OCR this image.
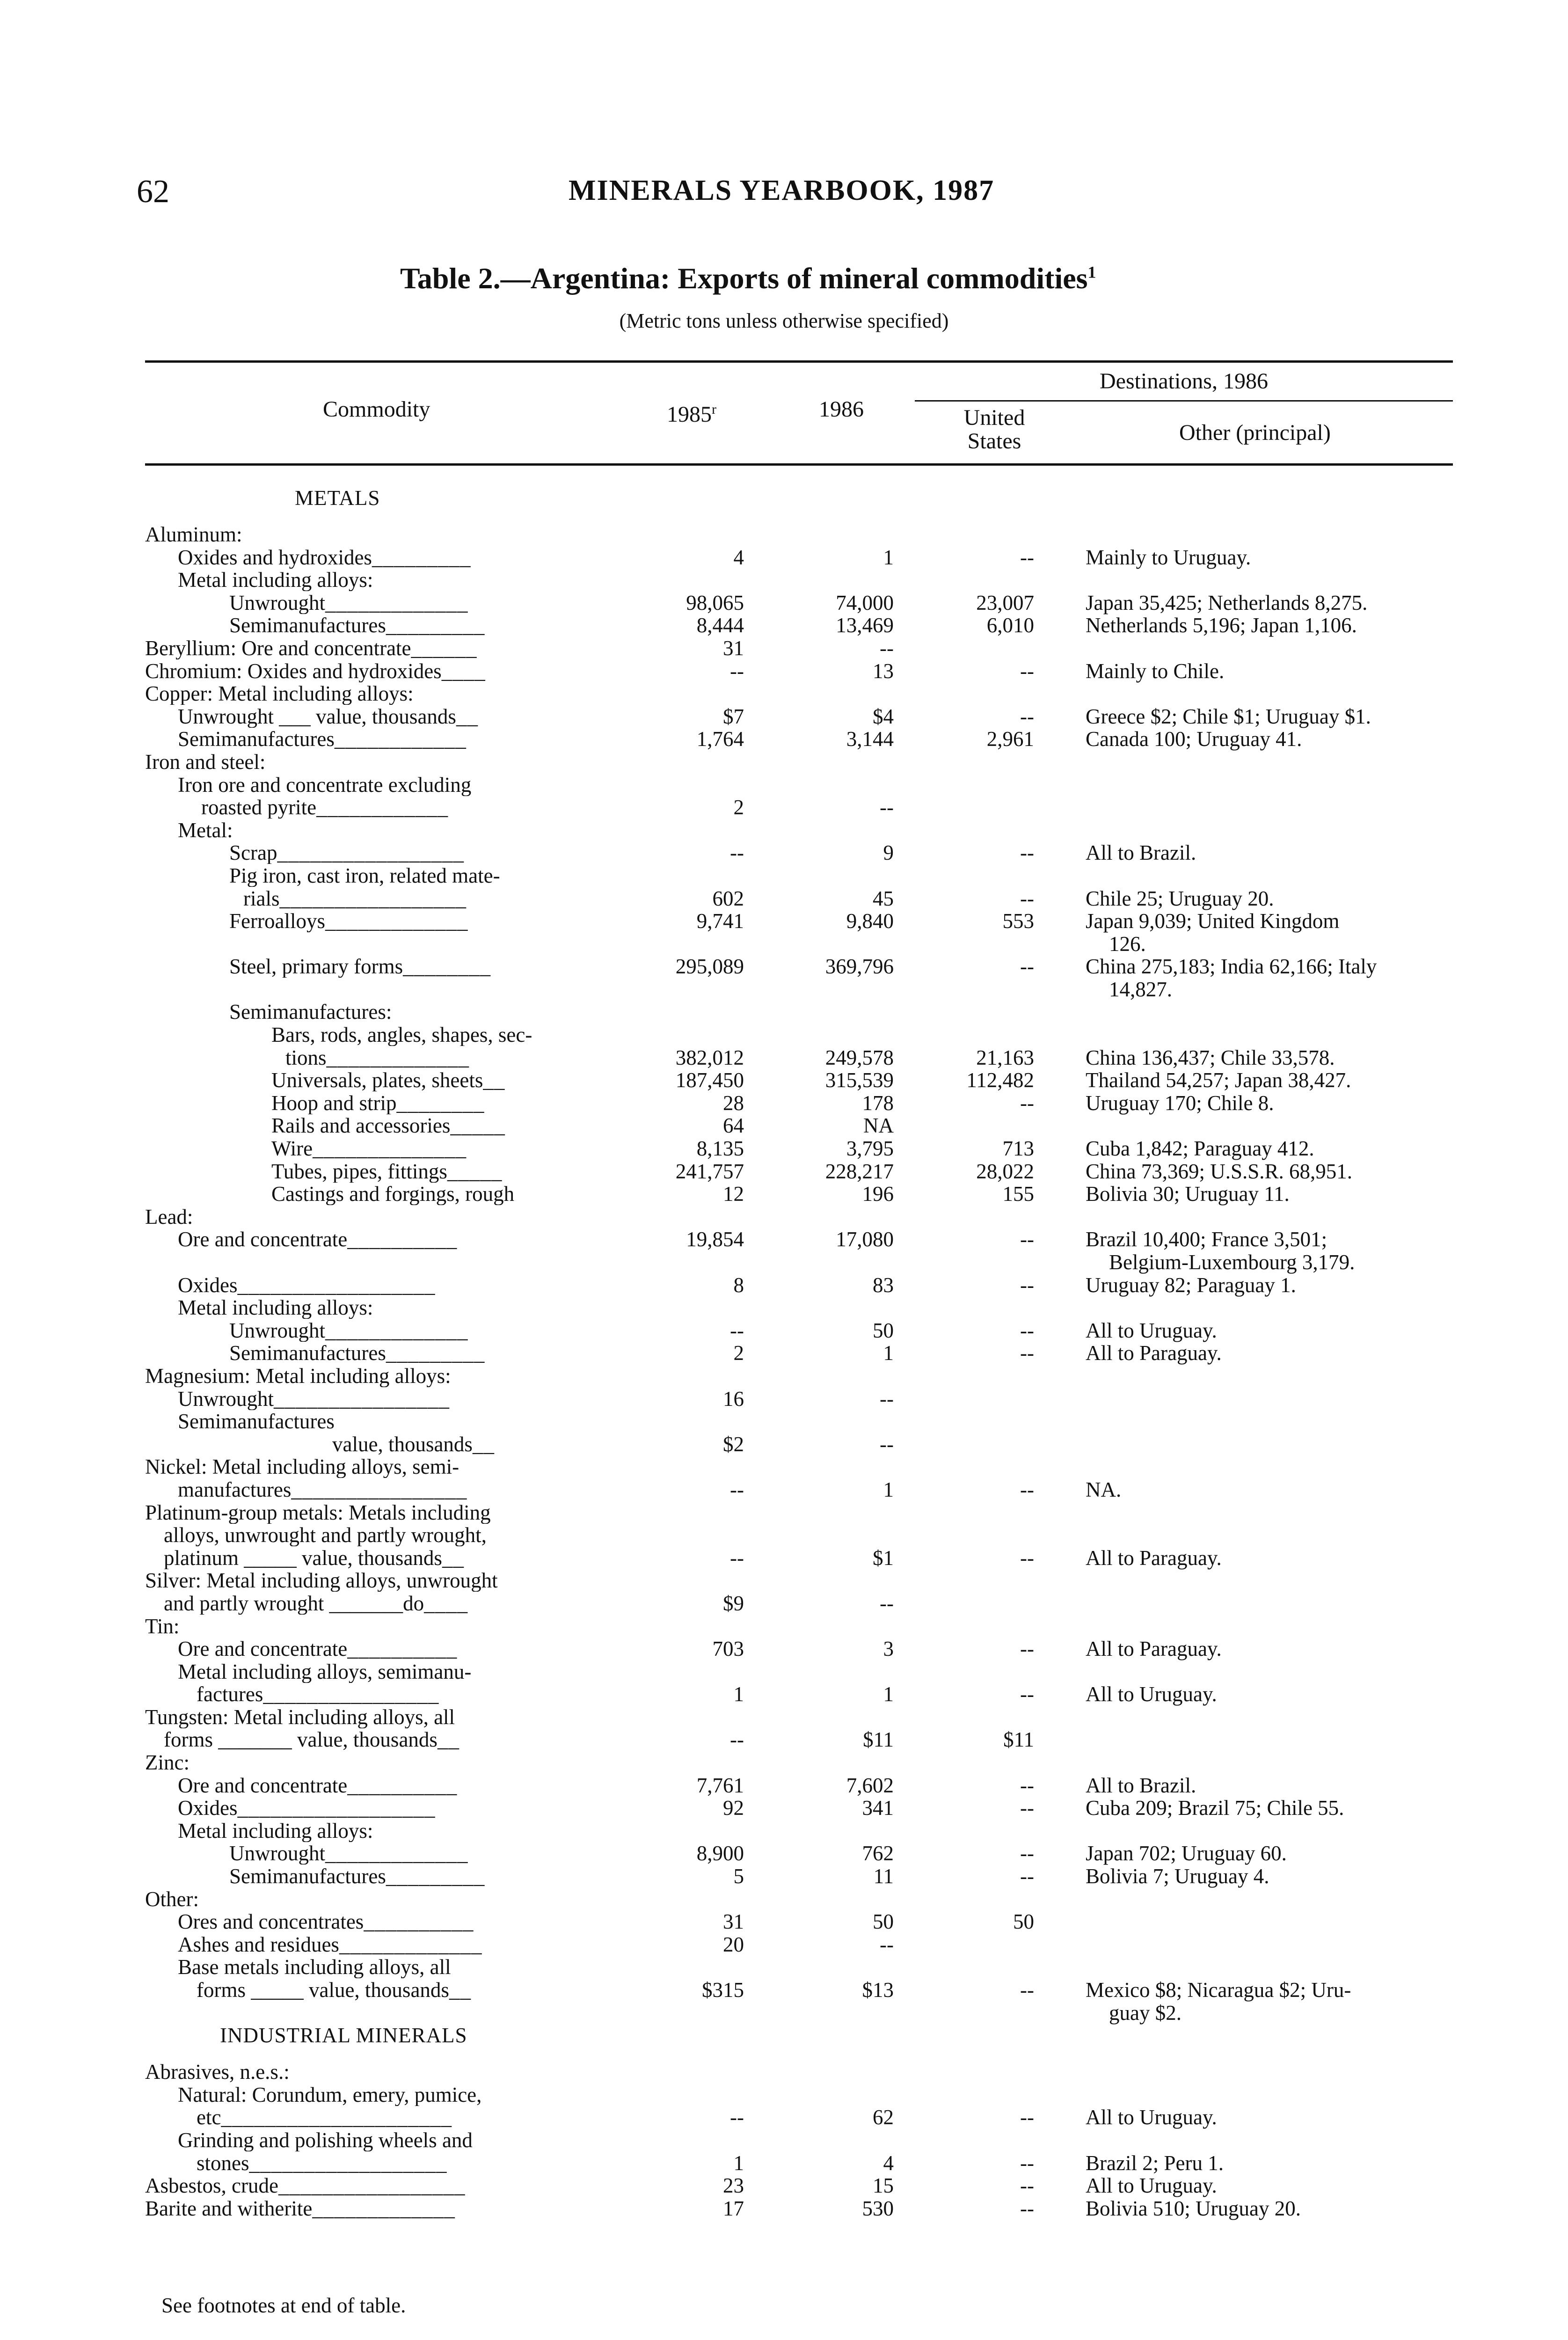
62	MINERALS YEARBOOK, 1987
Table 2.—Argentina: Exports of mineral commodities$^1$
(Metric tons unless otherwise specified)
Commodity	1985$^r$	1986
Destinations, 1986
United States	Other (principal)
METALS
Aluminum:
Oxides and hydroxides_________	4	1	-- Mainly to Uruguay.
Metal including alloys:
Unwrought_____________	98,065	74,000	23,007 Japan 35,425; Netherlands 8,275.
Semimanufactures_________	8,444	13,469	6,010 Netherlands 5,196; Japan 1,106.
Beryllium: Ore and concentrate______	31	--
Chromium: Oxides and hydroxides____	--	13	-- Mainly to Chile.
Copper: Metal including alloys:
Unwrought ___ value, thousands__	$7	$4	-- Greece $2; Chile $1; Uruguay $1.
Semimanufactures____________	1,764	3,144	2,961 Canada 100; Uruguay 41.
Iron and steel:
Iron ore and concentrate excluding
roasted pyrite____________	2	--
Metal:
Scrap_________________	--	9	-- All to Brazil.
Pig iron, cast iron, related mate-
rials_________________	602	45	-- Chile 25; Uruguay 20.
Ferroalloys_____________	9,741	9,840	553 Japan 9,039; United Kingdom
126.
Steel, primary forms________	295,089	369,796	-- China 275,183; India 62,166; Italy
14,827.
Semimanufactures:
Bars, rods, angles, shapes, sec-
tions_____________	382,012	249,578	21,163 China 136,437; Chile 33,578.
Universals, plates, sheets__	187,450	315,539	112,482 Thailand 54,257; Japan 38,427.
Hoop and strip________	28	178	-- Uruguay 170; Chile 8.
Rails and accessories_____	64	NA
Wire______________	8,135	3,795	713 Cuba 1,842; Paraguay 412.
Tubes, pipes, fittings_____	241,757	228,217	28,022 China 73,369; U.S.S.R. 68,951.
Castings and forgings, rough	12	196	155 Bolivia 30; Uruguay 11.
Lead:
Ore and concentrate__________	19,854	17,080	-- Brazil 10,400; France 3,501;
Belgium-Luxembourg 3,179.
Oxides__________________	8	83	-- Uruguay 82; Paraguay 1.
Metal including alloys:
Unwrought_____________	--	50	-- All to Uruguay.
Semimanufactures_________	2	1	-- All to Paraguay.
Magnesium: Metal including alloys:
Unwrought________________	16	--
Semimanufactures
value, thousands__	$2	--
Nickel: Metal including alloys, semi-
manufactures________________	--	1	-- NA.
Platinum-group metals: Metals including
alloys, unwrought and partly wrought,
platinum _____ value, thousands__	--	$1	-- All to Paraguay.
Silver: Metal including alloys, unwrought
and partly wrought _______do____	$9	--
Tin:
Ore and concentrate__________	703	3	-- All to Paraguay.
Metal including alloys, semimanu-
factures________________	1	1	-- All to Uruguay.
Tungsten: Metal including alloys, all
forms _______ value, thousands__	--	$11	$11
Zinc:
Ore and concentrate__________	7,761	7,602	-- All to Brazil.
Oxides__________________	92	341	-- Cuba 209; Brazil 75; Chile 55.
Metal including alloys:
Unwrought_____________	8,900	762	-- Japan 702; Uruguay 60.
Semimanufactures_________	5	11	-- Bolivia 7; Uruguay 4.
Other:
Ores and concentrates__________	31	50	50
Ashes and residues_____________	20	--
Base metals including alloys, all
forms _____ value, thousands__	$315	$13	-- Mexico $8; Nicaragua $2; Uru-
guay $2.
INDUSTRIAL MINERALS
Abrasives, n.e.s.:
Natural: Corundum, emery, pumice,
etc_____________________	--	62	-- All to Uruguay.
Grinding and polishing wheels and
stones__________________	1	4	-- Brazil 2; Peru 1.
Asbestos, crude_________________	23	15	-- All to Uruguay.
Barite and witherite_____________	17	530	-- Bolivia 510; Uruguay 20.
See footnotes at end of table.
